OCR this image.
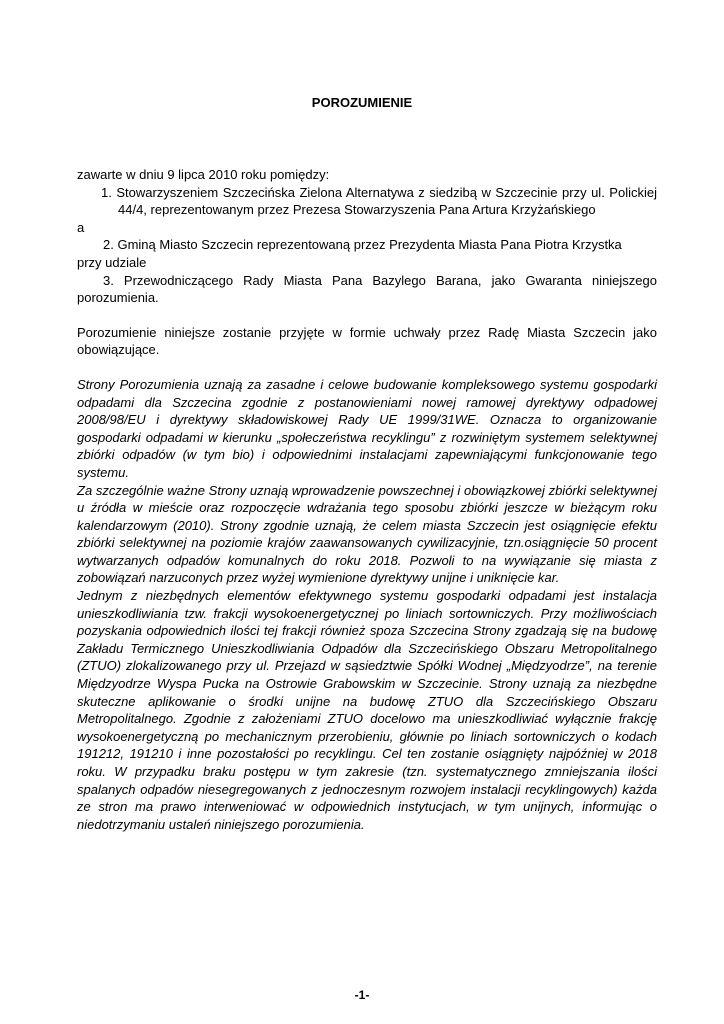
POROZUMIENIE

zawarte w dniu 9 lipca 2010 roku pomiędzy:

1. Stowarzyszeniem Szczecińska Zielona Alternatywa z siedzibą w Szczecinie przy ul. Polickiej 44/4, reprezentowanym przez Prezesa Stowarzyszenia Pana Artura Krzyżańskiego

a

2. Gminą Miasto Szczecin reprezentowaną przez Prezydenta Miasta Pana Piotra Krzystka

przy udziale

3. Przewodniczącego Rady Miasta Pana Bazylego Barana, jako Gwaranta niniejszego porozumienia.

Porozumienie niniejsze zostanie przyjęte w formie uchwały przez Radę Miasta Szczecin jako obowiązujące.

Strony Porozumienia uznają za zasadne i celowe budowanie kompleksowego systemu gospodarki odpadami dla Szczecina zgodnie z postanowieniami nowej ramowej dyrektywy odpadowej 2008/98/EU i dyrektywy składowiskowej Rady UE 1999/31WE. Oznacza to organizowanie gospodarki odpadami w kierunku „społeczeństwa recyklingu” z rozwiniętym systemem selektywnej zbiórki odpadów (w tym bio) i odpowiednimi instalacjami zapewniającymi funkcjonowanie tego systemu.

Za szczególnie ważne Strony uznają wprowadzenie powszechnej i obowiązkowej zbiórki selektywnej u źródła w mieście oraz rozpoczęcie wdrażania tego sposobu zbiórki jeszcze w bieżącym roku kalendarzowym (2010). Strony zgodnie uznają, że celem miasta Szczecin jest osiągnięcie efektu zbiórki selektywnej na poziomie krajów zaawansowanych cywilizacyjnie, tzn.osiągnięcie 50 procent wytwarzanych odpadów komunalnych do roku 2018. Pozwoli to na wywiązanie się miasta z zobowiązań narzuconych przez wyżej wymienione dyrektywy unijne i uniknięcie kar.

Jednym z niezbędnych elementów efektywnego systemu gospodarki odpadami jest instalacja unieszkodliwiania tzw. frakcji wysokoenergetycznej po liniach sortowniczych. Przy możliwościach pozyskania odpowiednich ilości tej frakcji również spoza Szczecina Strony zgadzają się na budowę Zakładu Termicznego Unieszkodliwiania Odpadów dla Szczecińskiego Obszaru Metropolitalnego (ZTUO) zlokalizowanego przy ul. Przejazd w sąsiedztwie Spółki Wodnej „Międzyodrze”, na terenie Międzyodrze Wyspa Pucka na Ostrowie Grabowskim w Szczecinie. Strony uznają za niezbędne skuteczne aplikowanie o środki unijne na budowę ZTUO dla Szczecińskiego Obszaru Metropolitalnego. Zgodnie z założeniami ZTUO docelowo ma unieszkodliwiać wyłącznie frakcję wysokoenergetyczną po mechanicznym przerobieniu, głównie po liniach sortowniczych o kodach 191212, 191210 i inne pozostałości po recyklingu. Cel ten zostanie osiągnięty najpóźniej w 2018 roku. W przypadku braku postępu w tym zakresie (tzn. systematycznego zmniejszania ilości spalanych odpadów niesegregowanych z jednoczesnym rozwojem instalacji recyklingowych) każda ze stron ma prawo interweniować w odpowiednich instytucjach, w tym unijnych, informując o niedotrzymaniu ustaleń niniejszego porozumienia.

-1-
